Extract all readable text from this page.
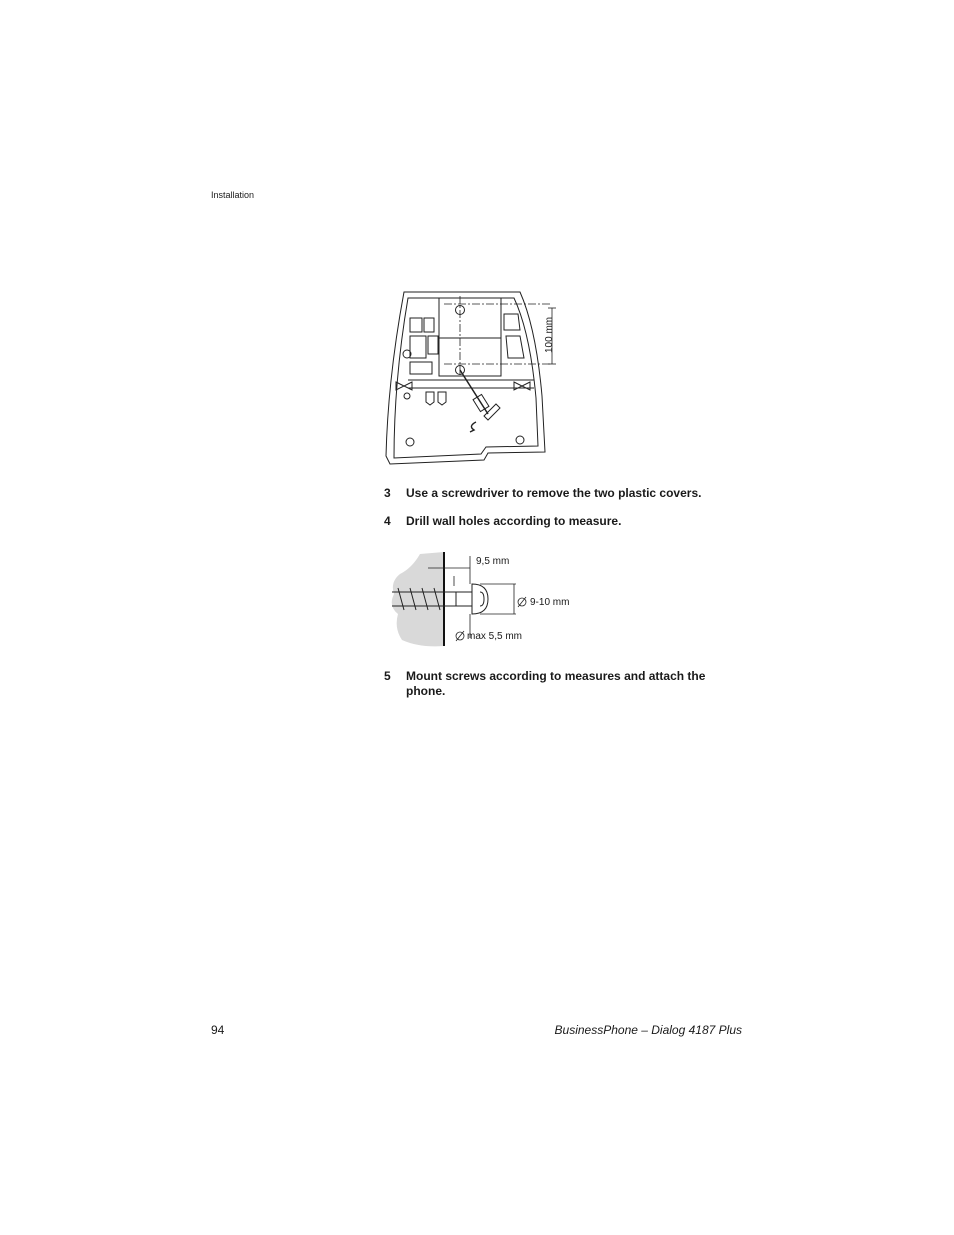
Installation
100 mm
3 Use a screwdriver to remove the two plastic covers.
4 Drill wall holes according to measure.
9,5 mm
9-10 mm
max 5,5 mm
5 Mount screws according to measures and attach the phone.
94	BusinessPhone – Dialog 4187 Plus
